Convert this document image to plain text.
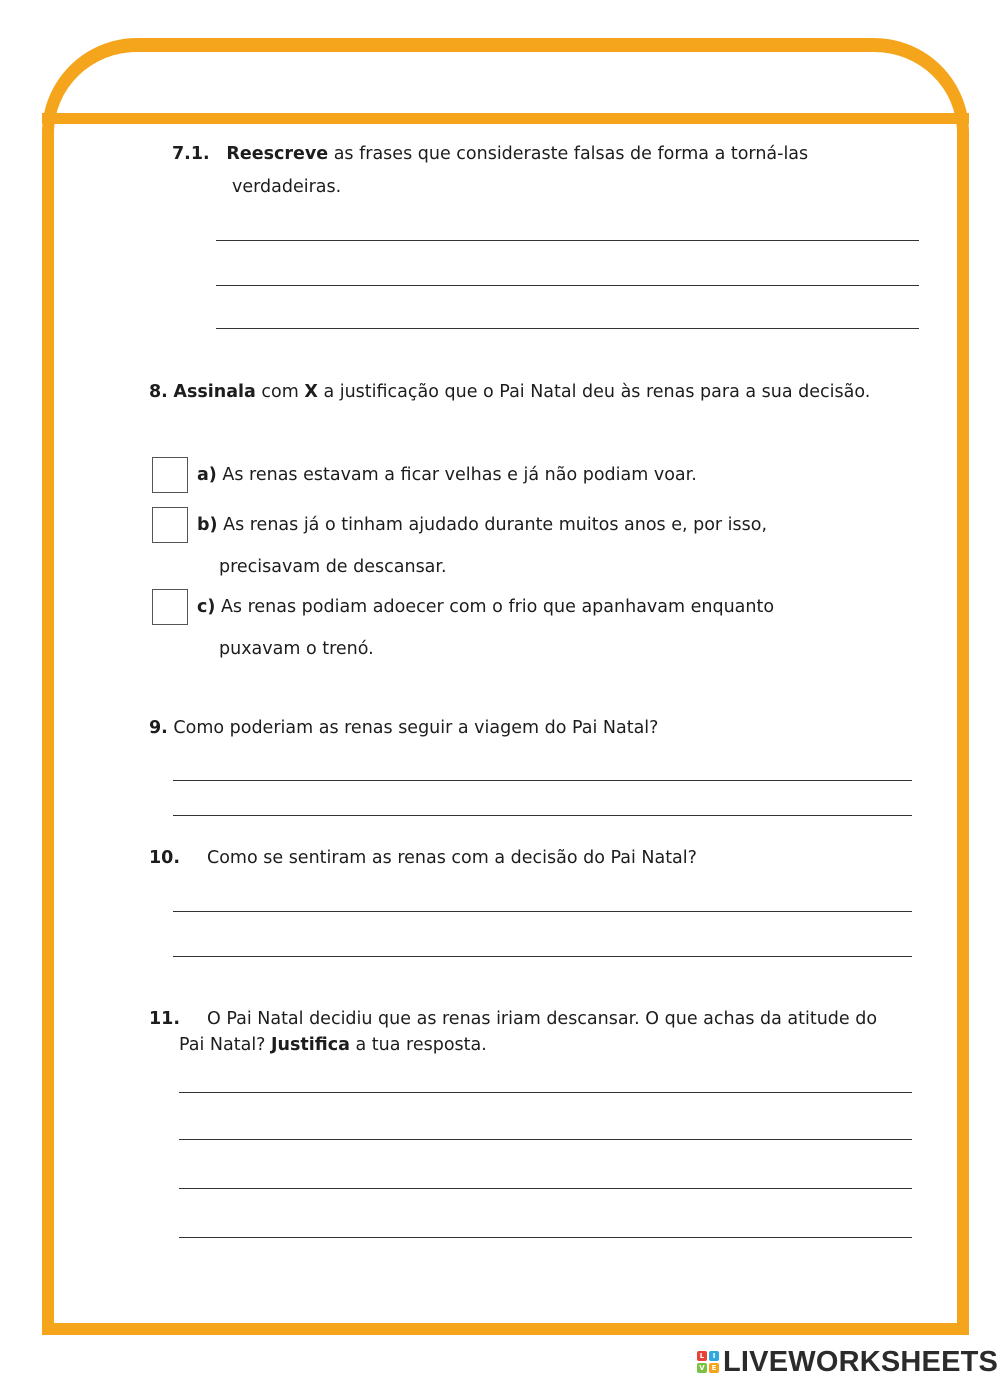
7.1. Reescreve as frases que consideraste falsas de forma a torná-las
verdadeiras.
8. Assinala com X a justificação que o Pai Natal deu às renas para a sua decisão.
a) As renas estavam a ficar velhas e já não podiam voar.
b) As renas já o tinham ajudado durante muitos anos e, por isso,
precisavam de descansar.
c) As renas podiam adoecer com o frio que apanhavam enquanto
puxavam o trenó.
9. Como poderiam as renas seguir a viagem do Pai Natal?
10. Como se sentiram as renas com a decisão do Pai Natal?
11. O Pai Natal decidiu que as renas iriam descansar. O que achas da atitude do
Pai Natal? Justifica a tua resposta.
L	I
V E LIVEWORKSHEETS
